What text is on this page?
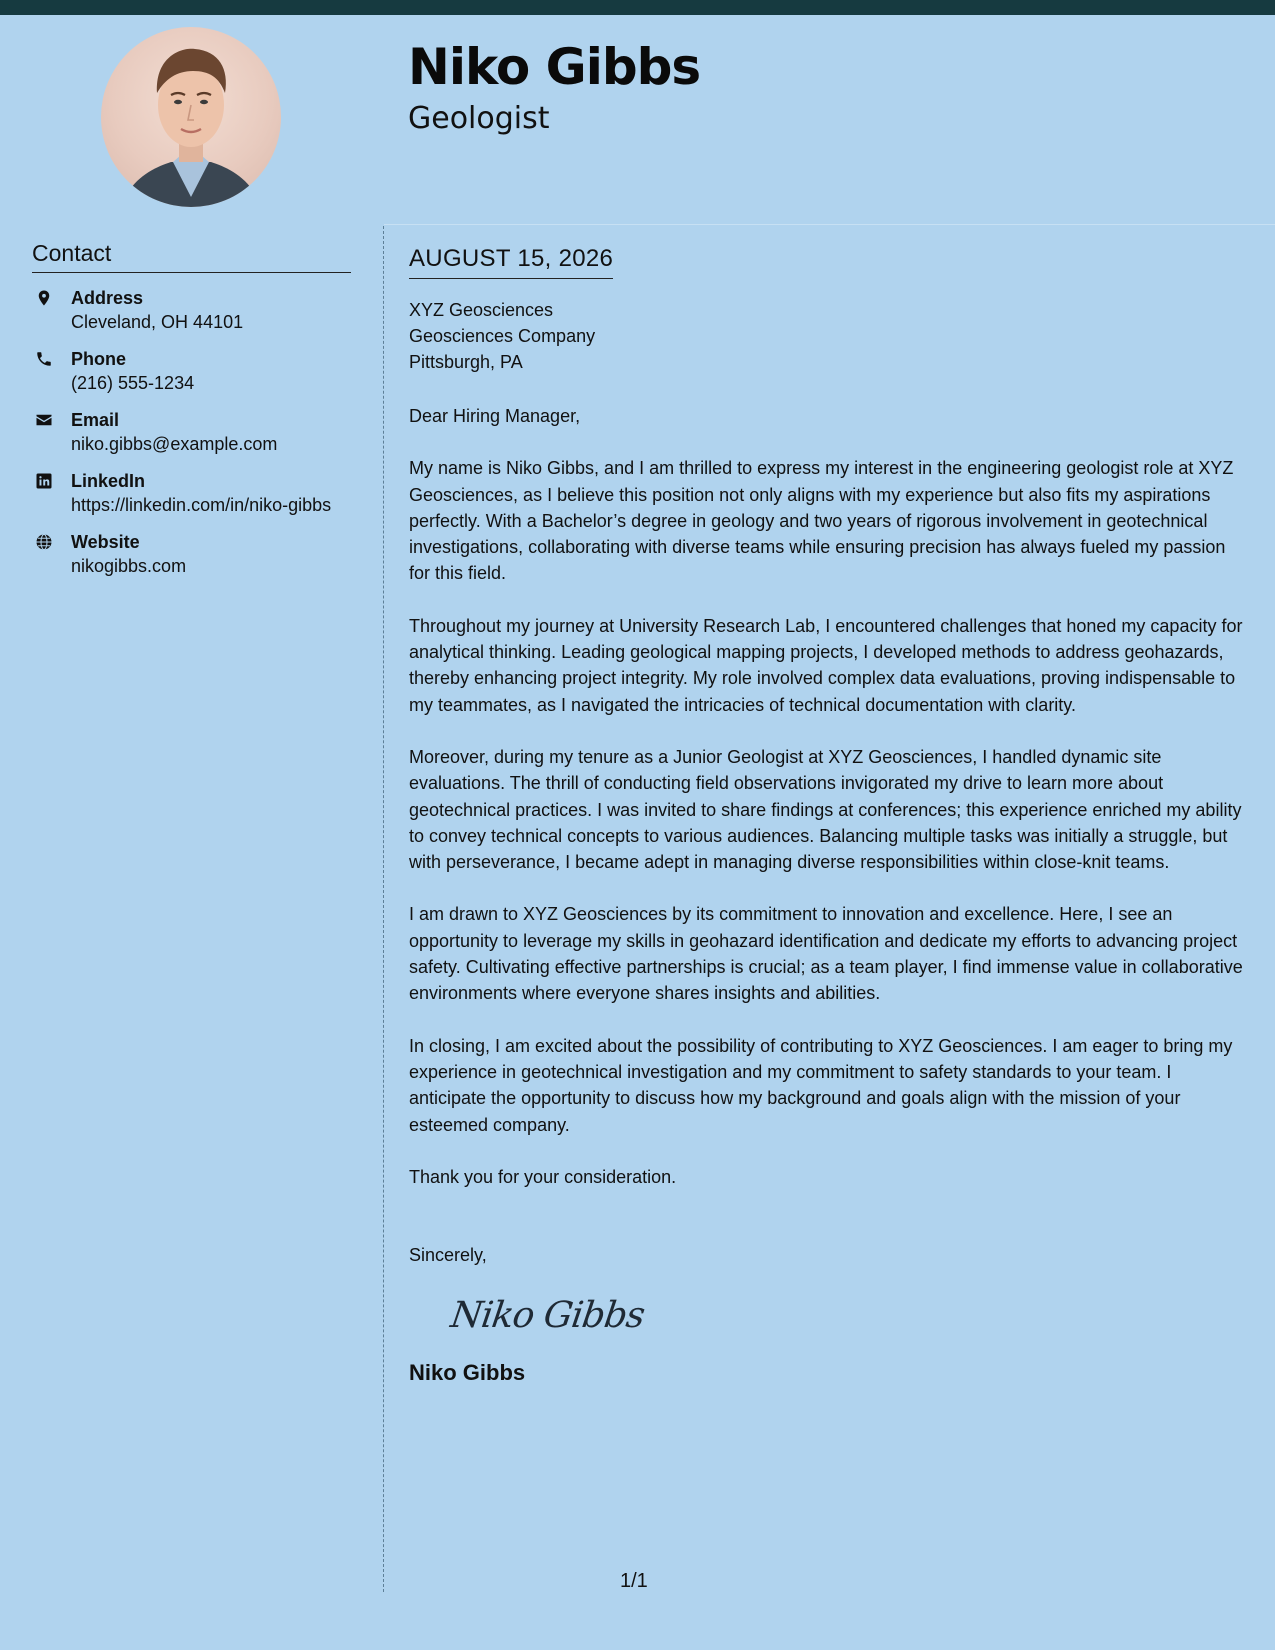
Niko Gibbs
Geologist
Contact
Address
Cleveland, OH 44101
Phone
(216) 555-1234
Email
niko.gibbs@example.com
LinkedIn
https://linkedin.com/in/niko-gibbs
Website
nikogibbs.com
AUGUST 15, 2026
XYZ Geosciences
Geosciences Company
Pittsburgh, PA
Dear Hiring Manager,
My name is Niko Gibbs, and I am thrilled to express my interest in the engineering geologist role at XYZ Geosciences, as I believe this position not only aligns with my experience but also fits my aspirations perfectly. With a Bachelor’s degree in geology and two years of rigorous involvement in geotechnical investigations, collaborating with diverse teams while ensuring precision has always fueled my passion for this field.
Throughout my journey at University Research Lab, I encountered challenges that honed my capacity for analytical thinking. Leading geological mapping projects, I developed methods to address geohazards, thereby enhancing project integrity. My role involved complex data evaluations, proving indispensable to my teammates, as I navigated the intricacies of technical documentation with clarity.
Moreover, during my tenure as a Junior Geologist at XYZ Geosciences, I handled dynamic site evaluations. The thrill of conducting field observations invigorated my drive to learn more about geotechnical practices. I was invited to share findings at conferences; this experience enriched my ability to convey technical concepts to various audiences. Balancing multiple tasks was initially a struggle, but with perseverance, I became adept in managing diverse responsibilities within close-knit teams.
I am drawn to XYZ Geosciences by its commitment to innovation and excellence. Here, I see an opportunity to leverage my skills in geohazard identification and dedicate my efforts to advancing project safety. Cultivating effective partnerships is crucial; as a team player, I find immense value in collaborative environments where everyone shares insights and abilities.
In closing, I am excited about the possibility of contributing to XYZ Geosciences. I am eager to bring my experience in geotechnical investigation and my commitment to safety standards to your team. I anticipate the opportunity to discuss how my background and goals align with the mission of your esteemed company.
Thank you for your consideration.
Sincerely,
Niko Gibbs
Niko Gibbs
1/1
